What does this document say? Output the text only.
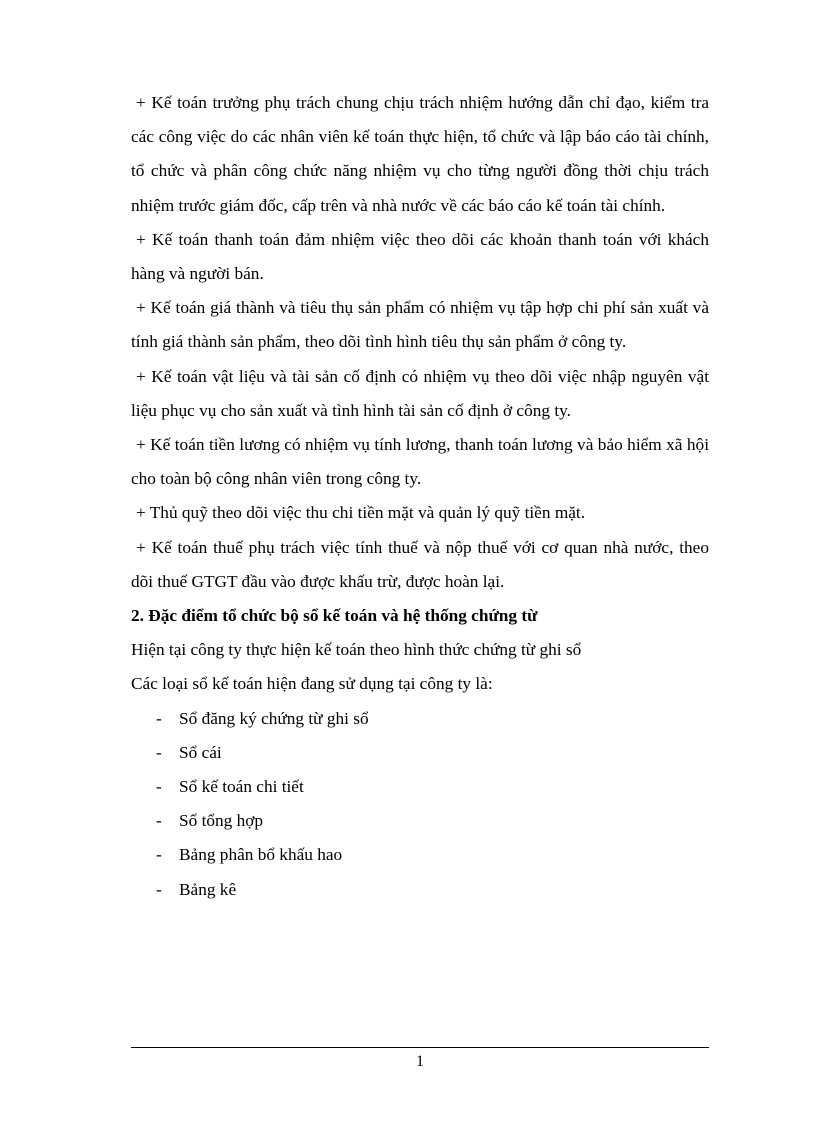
+ Kế toán trưởng phụ trách chung chịu trách nhiệm hướng dẫn chỉ đạo, kiểm tra các công việc do các nhân viên kế toán thực hiện, tổ chức và lập báo cáo tài chính, tổ chức và phân công chức năng nhiệm vụ cho từng người đồng thời chịu trách nhiệm trước giám đốc, cấp trên và nhà nước về các báo cáo kế toán tài chính.

+ Kế toán thanh toán đảm nhiệm việc theo dõi các khoản thanh toán với khách hàng và người bán.

+ Kế toán giá thành và tiêu thụ sản phẩm có nhiệm vụ tập hợp chi phí sản xuất và tính giá thành sản phẩm, theo dõi tình hình tiêu thụ sản phẩm ở công ty.

+ Kế toán vật liệu và tài sản cố định có nhiệm vụ theo dõi việc nhập nguyên vật liệu phục vụ cho sản xuất và tình hình tài sản cố định ở công ty.

+ Kế toán tiền lương có nhiệm vụ tính lương, thanh toán lương và bảo hiểm xã hội cho toàn bộ công nhân viên trong công ty.

+ Thủ quỹ theo dõi việc thu chi tiền mặt và quản lý quỹ tiền mặt.

+ Kế toán thuế phụ trách việc tính thuế và nộp thuế với cơ quan nhà nước, theo dõi thuế GTGT đầu vào được khấu trừ, được hoàn lại.

2. Đặc điểm tổ chức bộ sổ kế toán và hệ thống chứng từ

Hiện tại công ty thực hiện kế toán theo hình thức chứng từ ghi sổ

Các loại sổ kế toán hiện đang sử dụng tại công ty là:

- Sổ đăng ký chứng từ ghi sổ
- Sổ cái
- Sổ kế toán chi tiết
- Sổ tổng hợp
- Bảng phân bổ khấu hao
- Bảng kê
1
